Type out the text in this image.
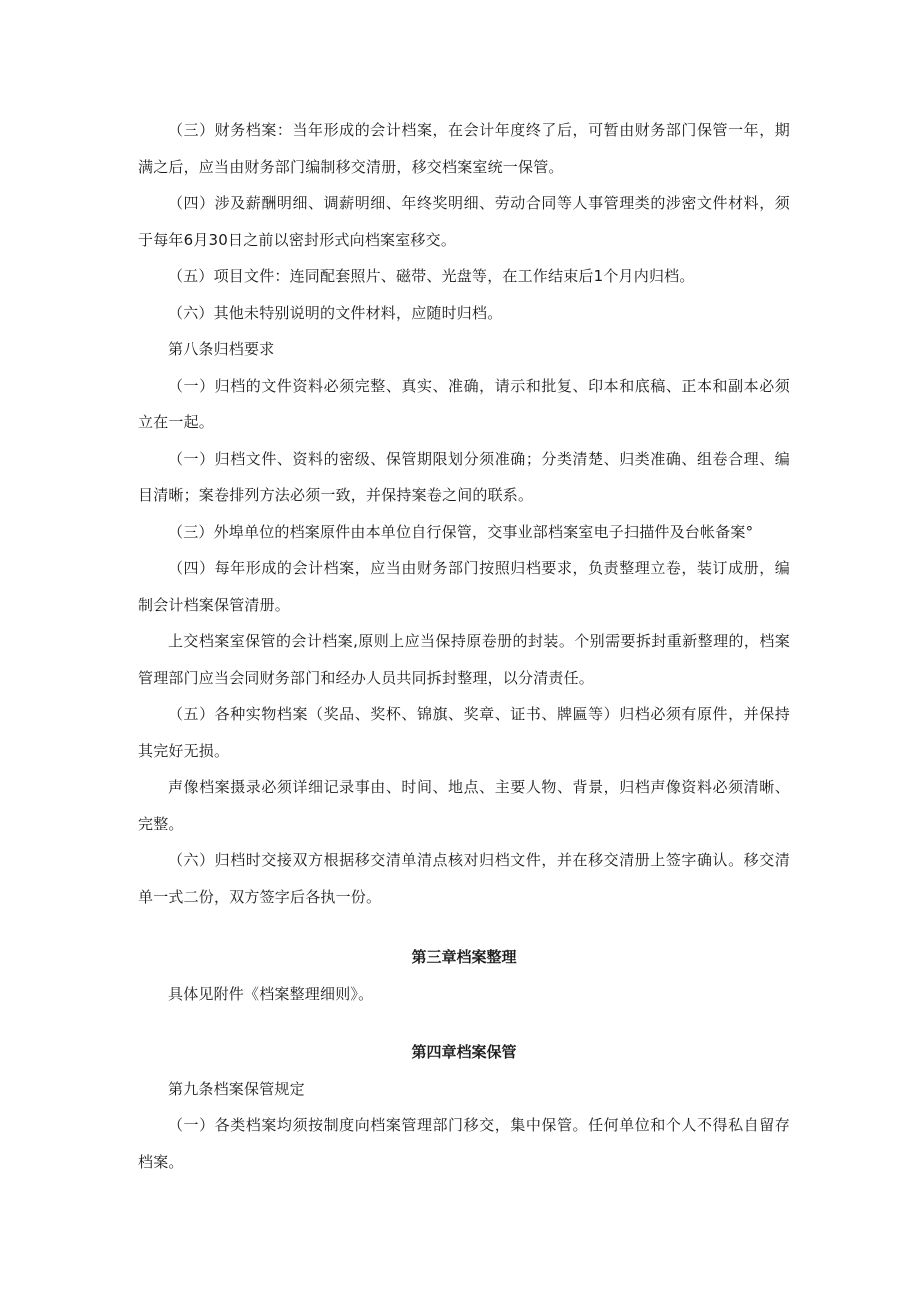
（三）财务档案：当年形成的会计档案，在会计年度终了后，可暂由财务部门保管一年，期满之后，应当由财务部门编制移交清册，移交档案室统一保管。

（四）涉及薪酬明细、调薪明细、年终奖明细、劳动合同等人事管理类的涉密文件材料，须于每年6月30日之前以密封形式向档案室移交。

（五）项目文件：连同配套照片、磁带、光盘等，在工作结束后1个月内归档。

（六）其他未特别说明的文件材料，应随时归档。

第八条归档要求

（一）归档的文件资料必须完整、真实、准确，请示和批复、印本和底稿、正本和副本必须立在一起。

（一）归档文件、资料的密级、保管期限划分须准确；分类清楚、归类准确、组卷合理、编目清晰；案卷排列方法必须一致，并保持案卷之间的联系。

（三）外埠单位的档案原件由本单位自行保管，交事业部档案室电子扫描件及台帐备案°

（四）每年形成的会计档案，应当由财务部门按照归档要求，负责整理立卷，装订成册，编制会计档案保管清册。

上交档案室保管的会计档案,原则上应当保持原卷册的封装。个别需要拆封重新整理的，档案管理部门应当会同财务部门和经办人员共同拆封整理，以分清责任。

（五）各种实物档案（奖品、奖杯、锦旗、奖章、证书、牌匾等）归档必须有原件，并保持其完好无损。

声像档案摄录必须详细记录事由、时间、地点、主要人物、背景，归档声像资料必须清晰、完整。

（六）归档时交接双方根据移交清单清点核对归档文件，并在移交清册上签字确认。移交清单一式二份，双方签字后各执一份。

第三章档案整理

具体见附件《档案整理细则》。

第四章档案保管

第九条档案保管规定

（一）各类档案均须按制度向档案管理部门移交，集中保管。任何单位和个人不得私自留存档案。
